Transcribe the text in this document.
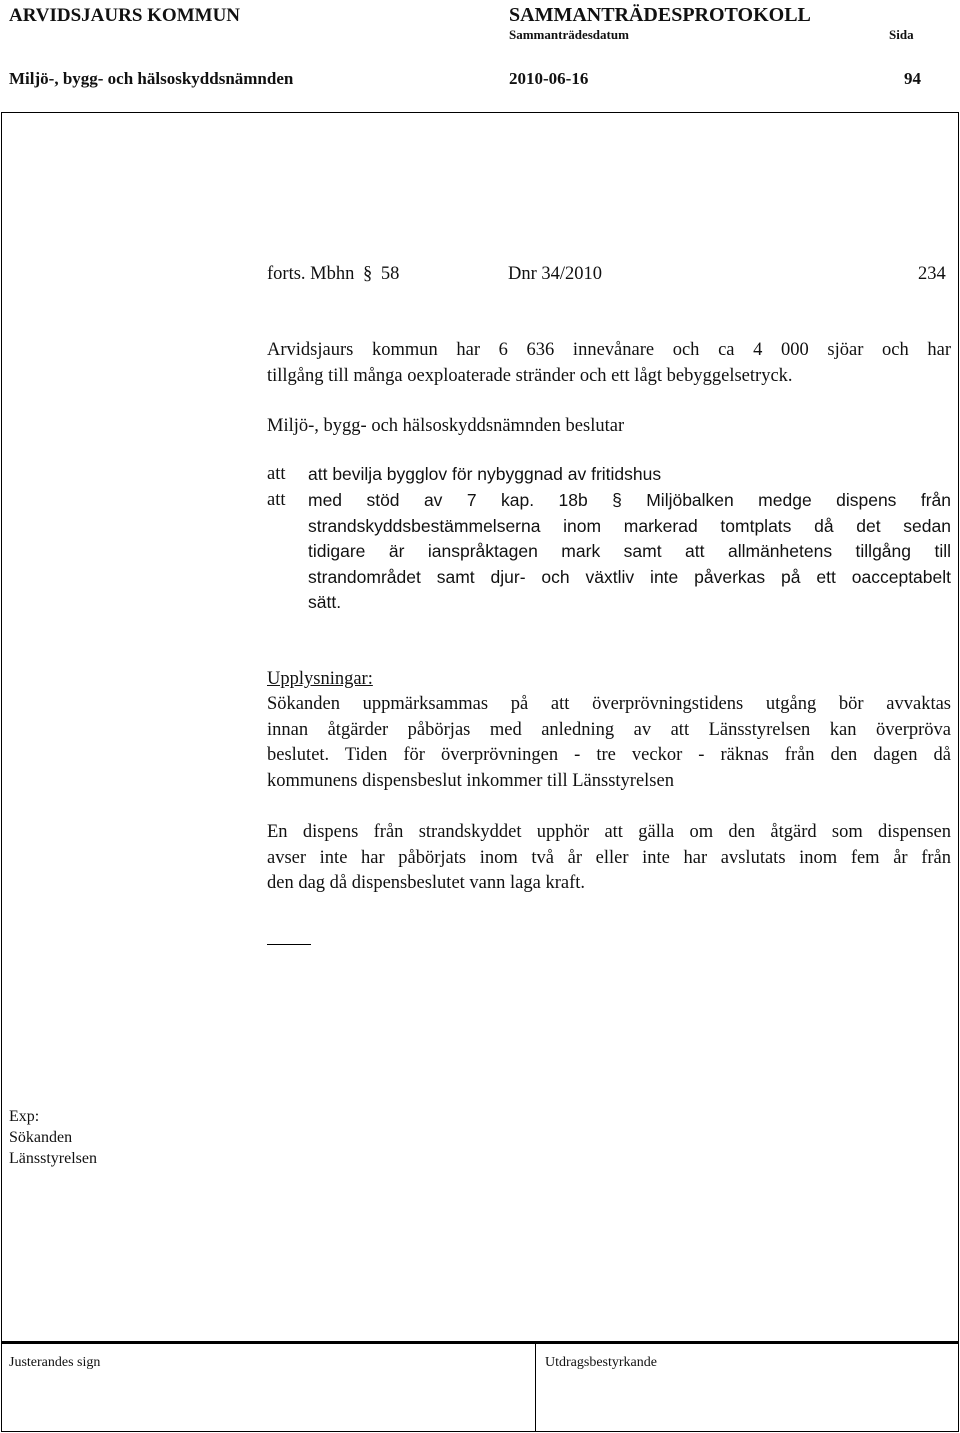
ARVIDSJAURS KOMMUN	SAMMANTRÄDESPROTOKOLL
Sammanträdesdatum	Sida
Miljö-, bygg- och hälsoskyddsnämnden	2010-06-16	94
forts. Mbhn § 58	Dnr 34/2010	234
Arvidsjaurs kommun har 6 636 innevånare och ca 4 000 sjöar och har
tillgång till många oexploaterade stränder och ett lågt bebyggelsetryck.
Miljö-, bygg- och hälsoskyddsnämnden beslutar
att att bevilja bygglov för nybyggnad av fritidshus
att med stöd av 7 kap. 18b § Miljöbalken medge dispens från
strandskyddsbestämmelserna inom markerad tomtplats då det sedan
tidigare är ianspråktagen mark samt att allmänhetens tillgång till
strandområdet samt djur- och växtliv inte påverkas på ett oacceptabelt
sätt.
Upplysningar:
Sökanden uppmärksammas på att överprövningstidens utgång bör avvaktas
innan åtgärder påbörjas med anledning av att Länsstyrelsen kan överpröva
beslutet. Tiden för överprövningen - tre veckor - räknas från den dagen då
kommunens dispensbeslut inkommer till Länsstyrelsen
En dispens från strandskyddet upphör att gälla om den åtgärd som dispensen
avser inte har påbörjats inom två år eller inte har avslutats inom fem år från
den dag då dispensbeslutet vann laga kraft.
Exp:
Sökanden
Länsstyrelsen
Justerandes sign	Utdragsbestyrkande
